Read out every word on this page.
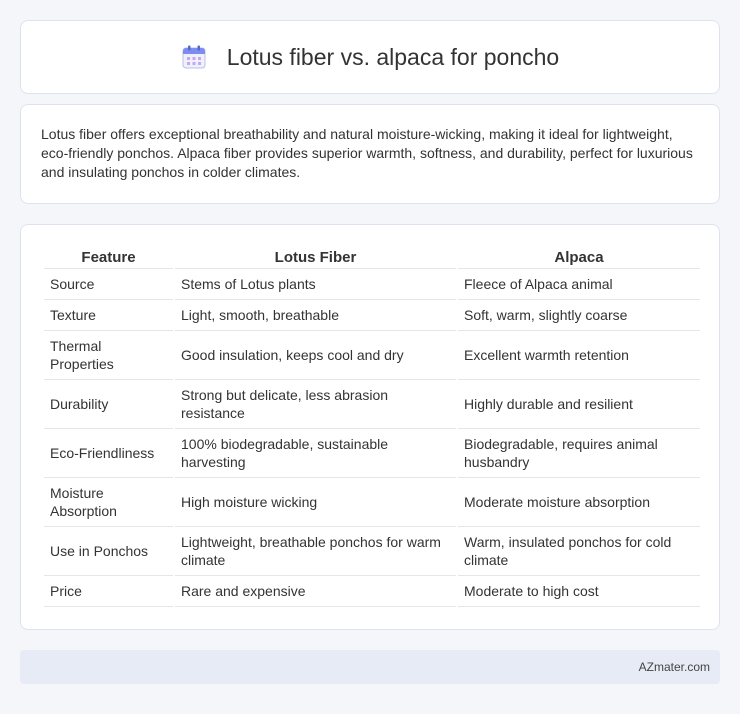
Lotus fiber vs. alpaca for poncho

Lotus fiber offers exceptional breathability and natural moisture-wicking, making it ideal for lightweight, eco-friendly ponchos. Alpaca fiber provides superior warmth, softness, and durability, perfect for luxurious and insulating ponchos in colder climates.

Feature	Lotus Fiber	Alpaca
Source	Stems of Lotus plants	Fleece of Alpaca animal
Texture	Light, smooth, breathable	Soft, warm, slightly coarse
Thermal Properties	Good insulation, keeps cool and dry	Excellent warmth retention
Durability	Strong but delicate, less abrasion resistance	Highly durable and resilient
Eco-Friendliness	100% biodegradable, sustainable harvesting	Biodegradable, requires animal husbandry
Moisture Absorption	High moisture wicking	Moderate moisture absorption
Use in Ponchos	Lightweight, breathable ponchos for warm climate	Warm, insulated ponchos for cold climate
Price	Rare and expensive	Moderate to high cost
AZmater.com
